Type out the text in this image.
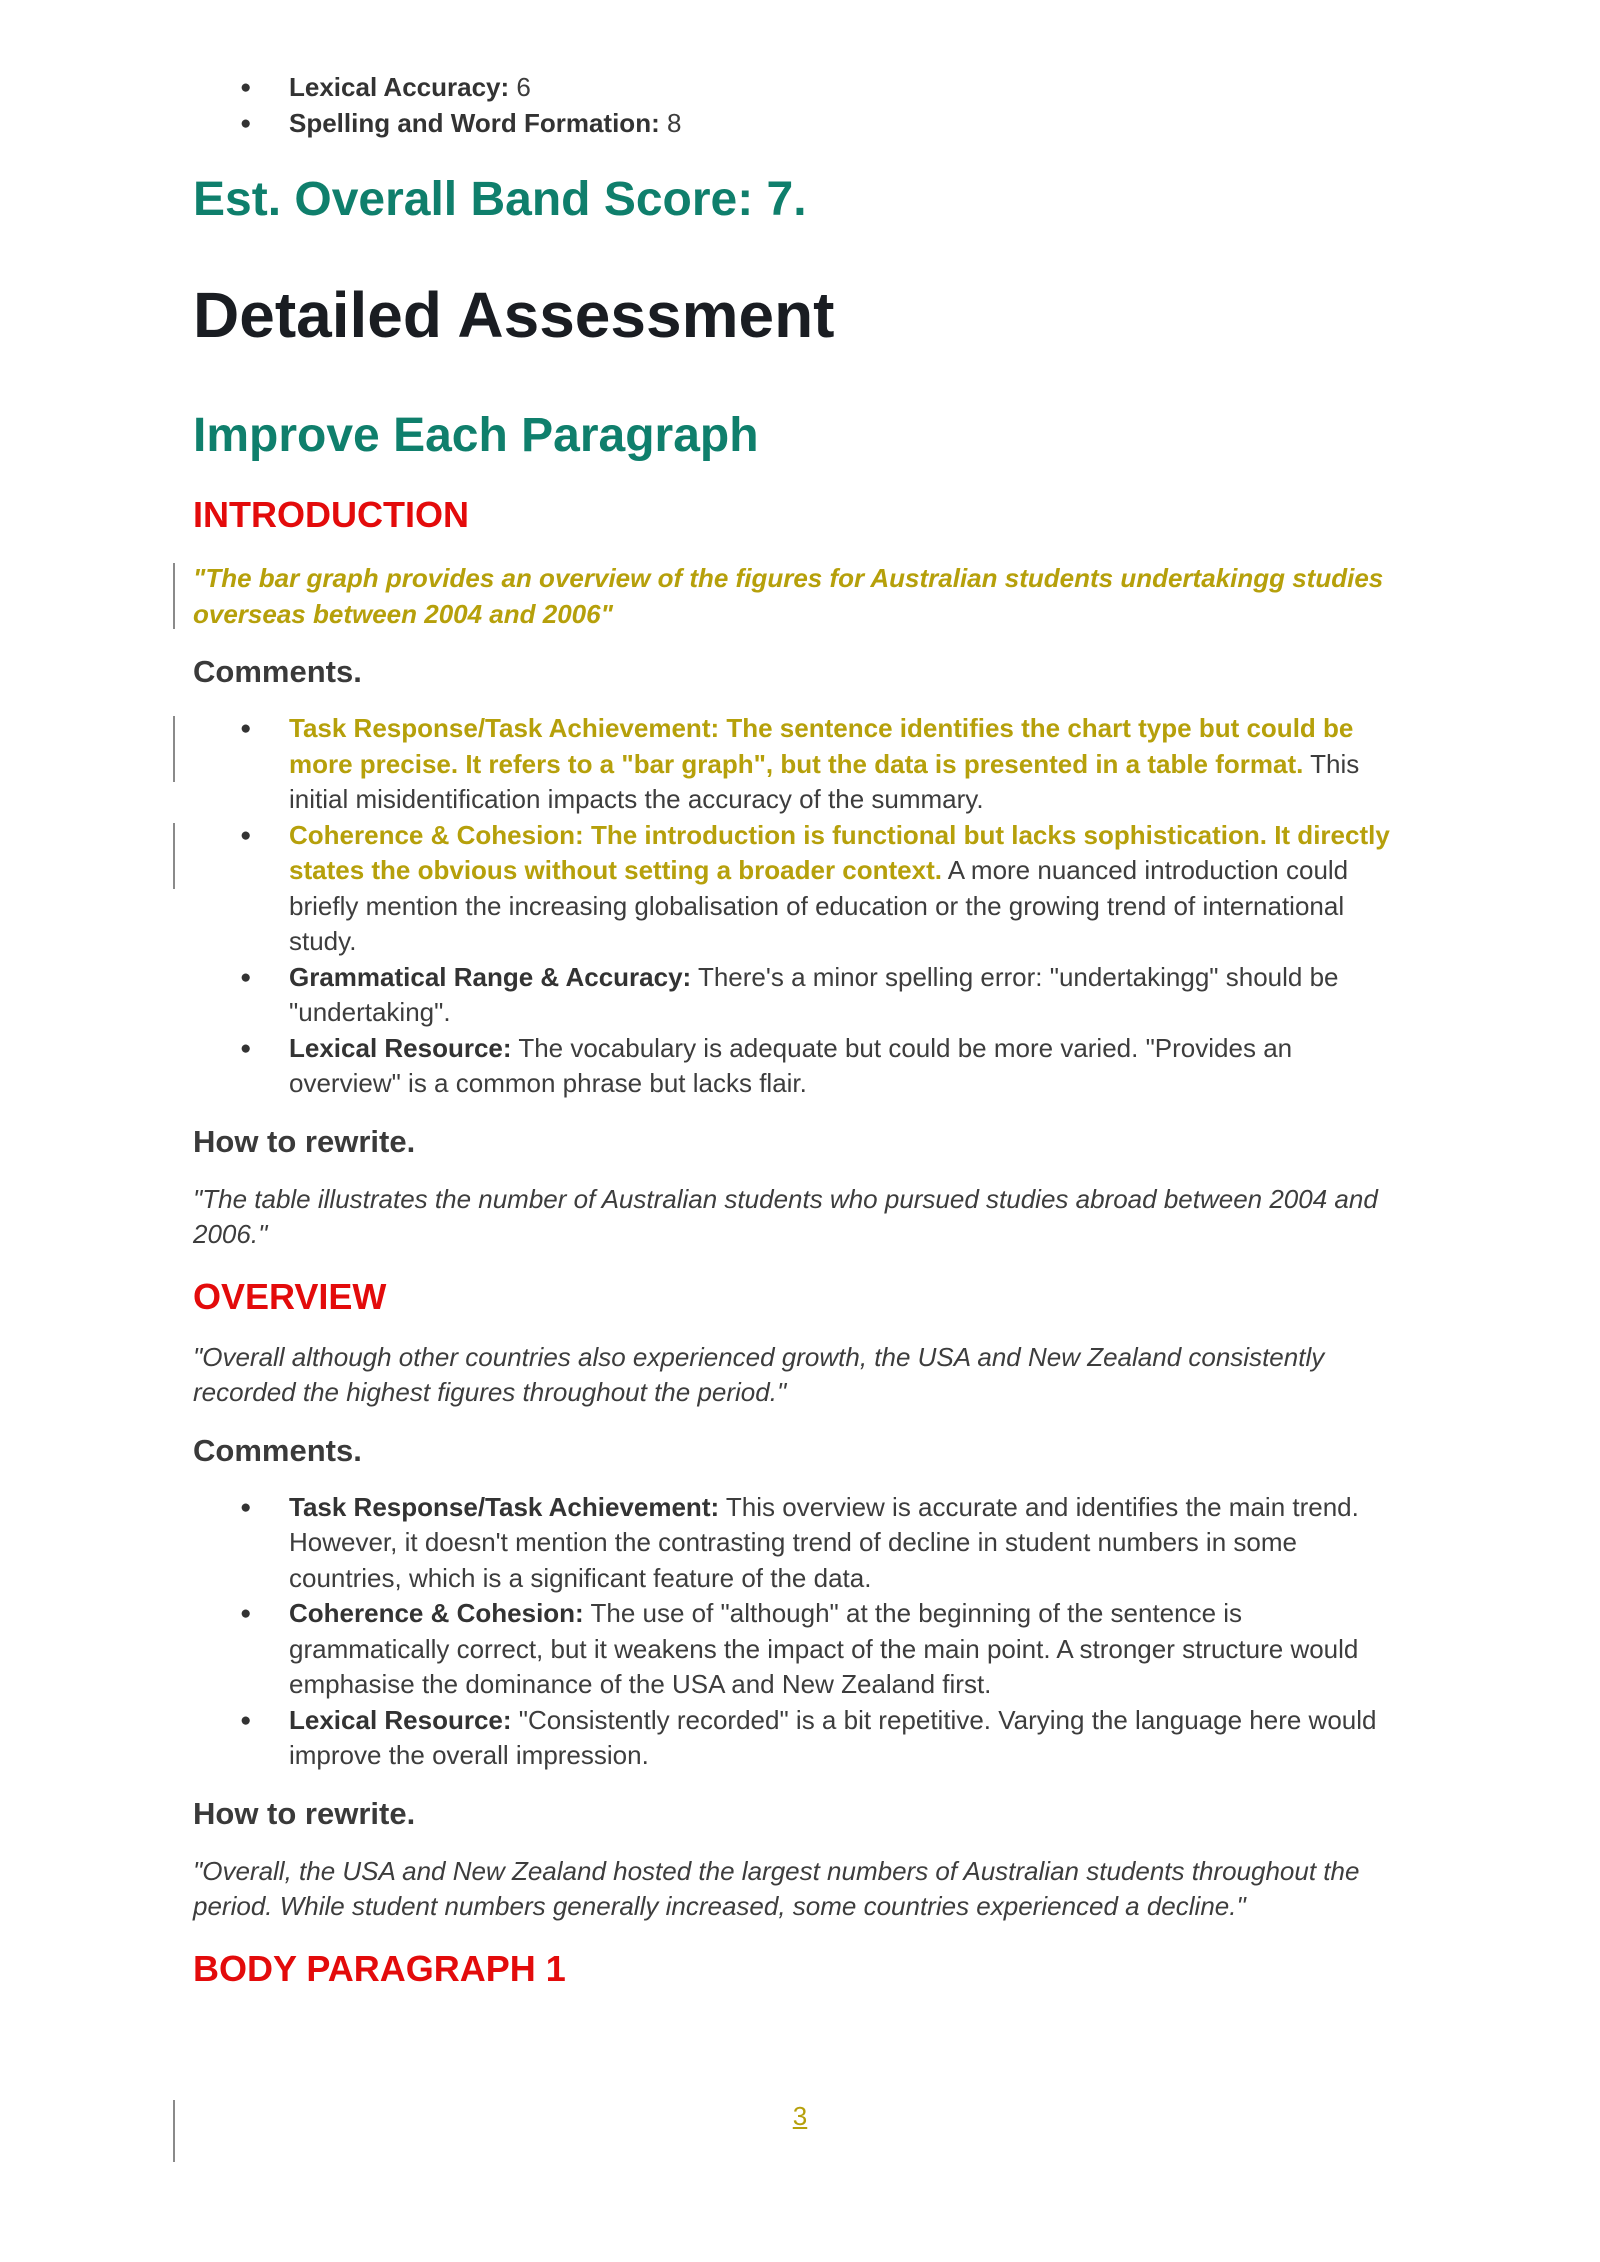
● Lexical Accuracy: 6
● Spelling and Word Formation: 8
Est. Overall Band Score: 7.
Detailed Assessment
Improve Each Paragraph
INTRODUCTION
"The bar graph provides an overview of the figures for Australian students undertakingg studies overseas between 2004 and 2006"
Comments.
● Task Response/Task Achievement: The sentence identifies the chart type but could be more precise. It refers to a "bar graph", but the data is presented in a table format. This initial misidentification impacts the accuracy of the summary.
● Coherence & Cohesion: The introduction is functional but lacks sophistication. It directly states the obvious without setting a broader context. A more nuanced introduction could briefly mention the increasing globalisation of education or the growing trend of international study.
● Grammatical Range & Accuracy: There's a minor spelling error: "undertakingg" should be "undertaking".
● Lexical Resource: The vocabulary is adequate but could be more varied. "Provides an overview" is a common phrase but lacks flair.
How to rewrite.
"The table illustrates the number of Australian students who pursued studies abroad between 2004 and 2006."
OVERVIEW
"Overall although other countries also experienced growth, the USA and New Zealand consistently recorded the highest figures throughout the period."
Comments.
● Task Response/Task Achievement: This overview is accurate and identifies the main trend. However, it doesn't mention the contrasting trend of decline in student numbers in some countries, which is a significant feature of the data.
● Coherence & Cohesion: The use of "although" at the beginning of the sentence is grammatically correct, but it weakens the impact of the main point. A stronger structure would emphasise the dominance of the USA and New Zealand first.
● Lexical Resource: "Consistently recorded" is a bit repetitive. Varying the language here would improve the overall impression.
How to rewrite.
"Overall, the USA and New Zealand hosted the largest numbers of Australian students throughout the period. While student numbers generally increased, some countries experienced a decline."
BODY PARAGRAPH 1
3
